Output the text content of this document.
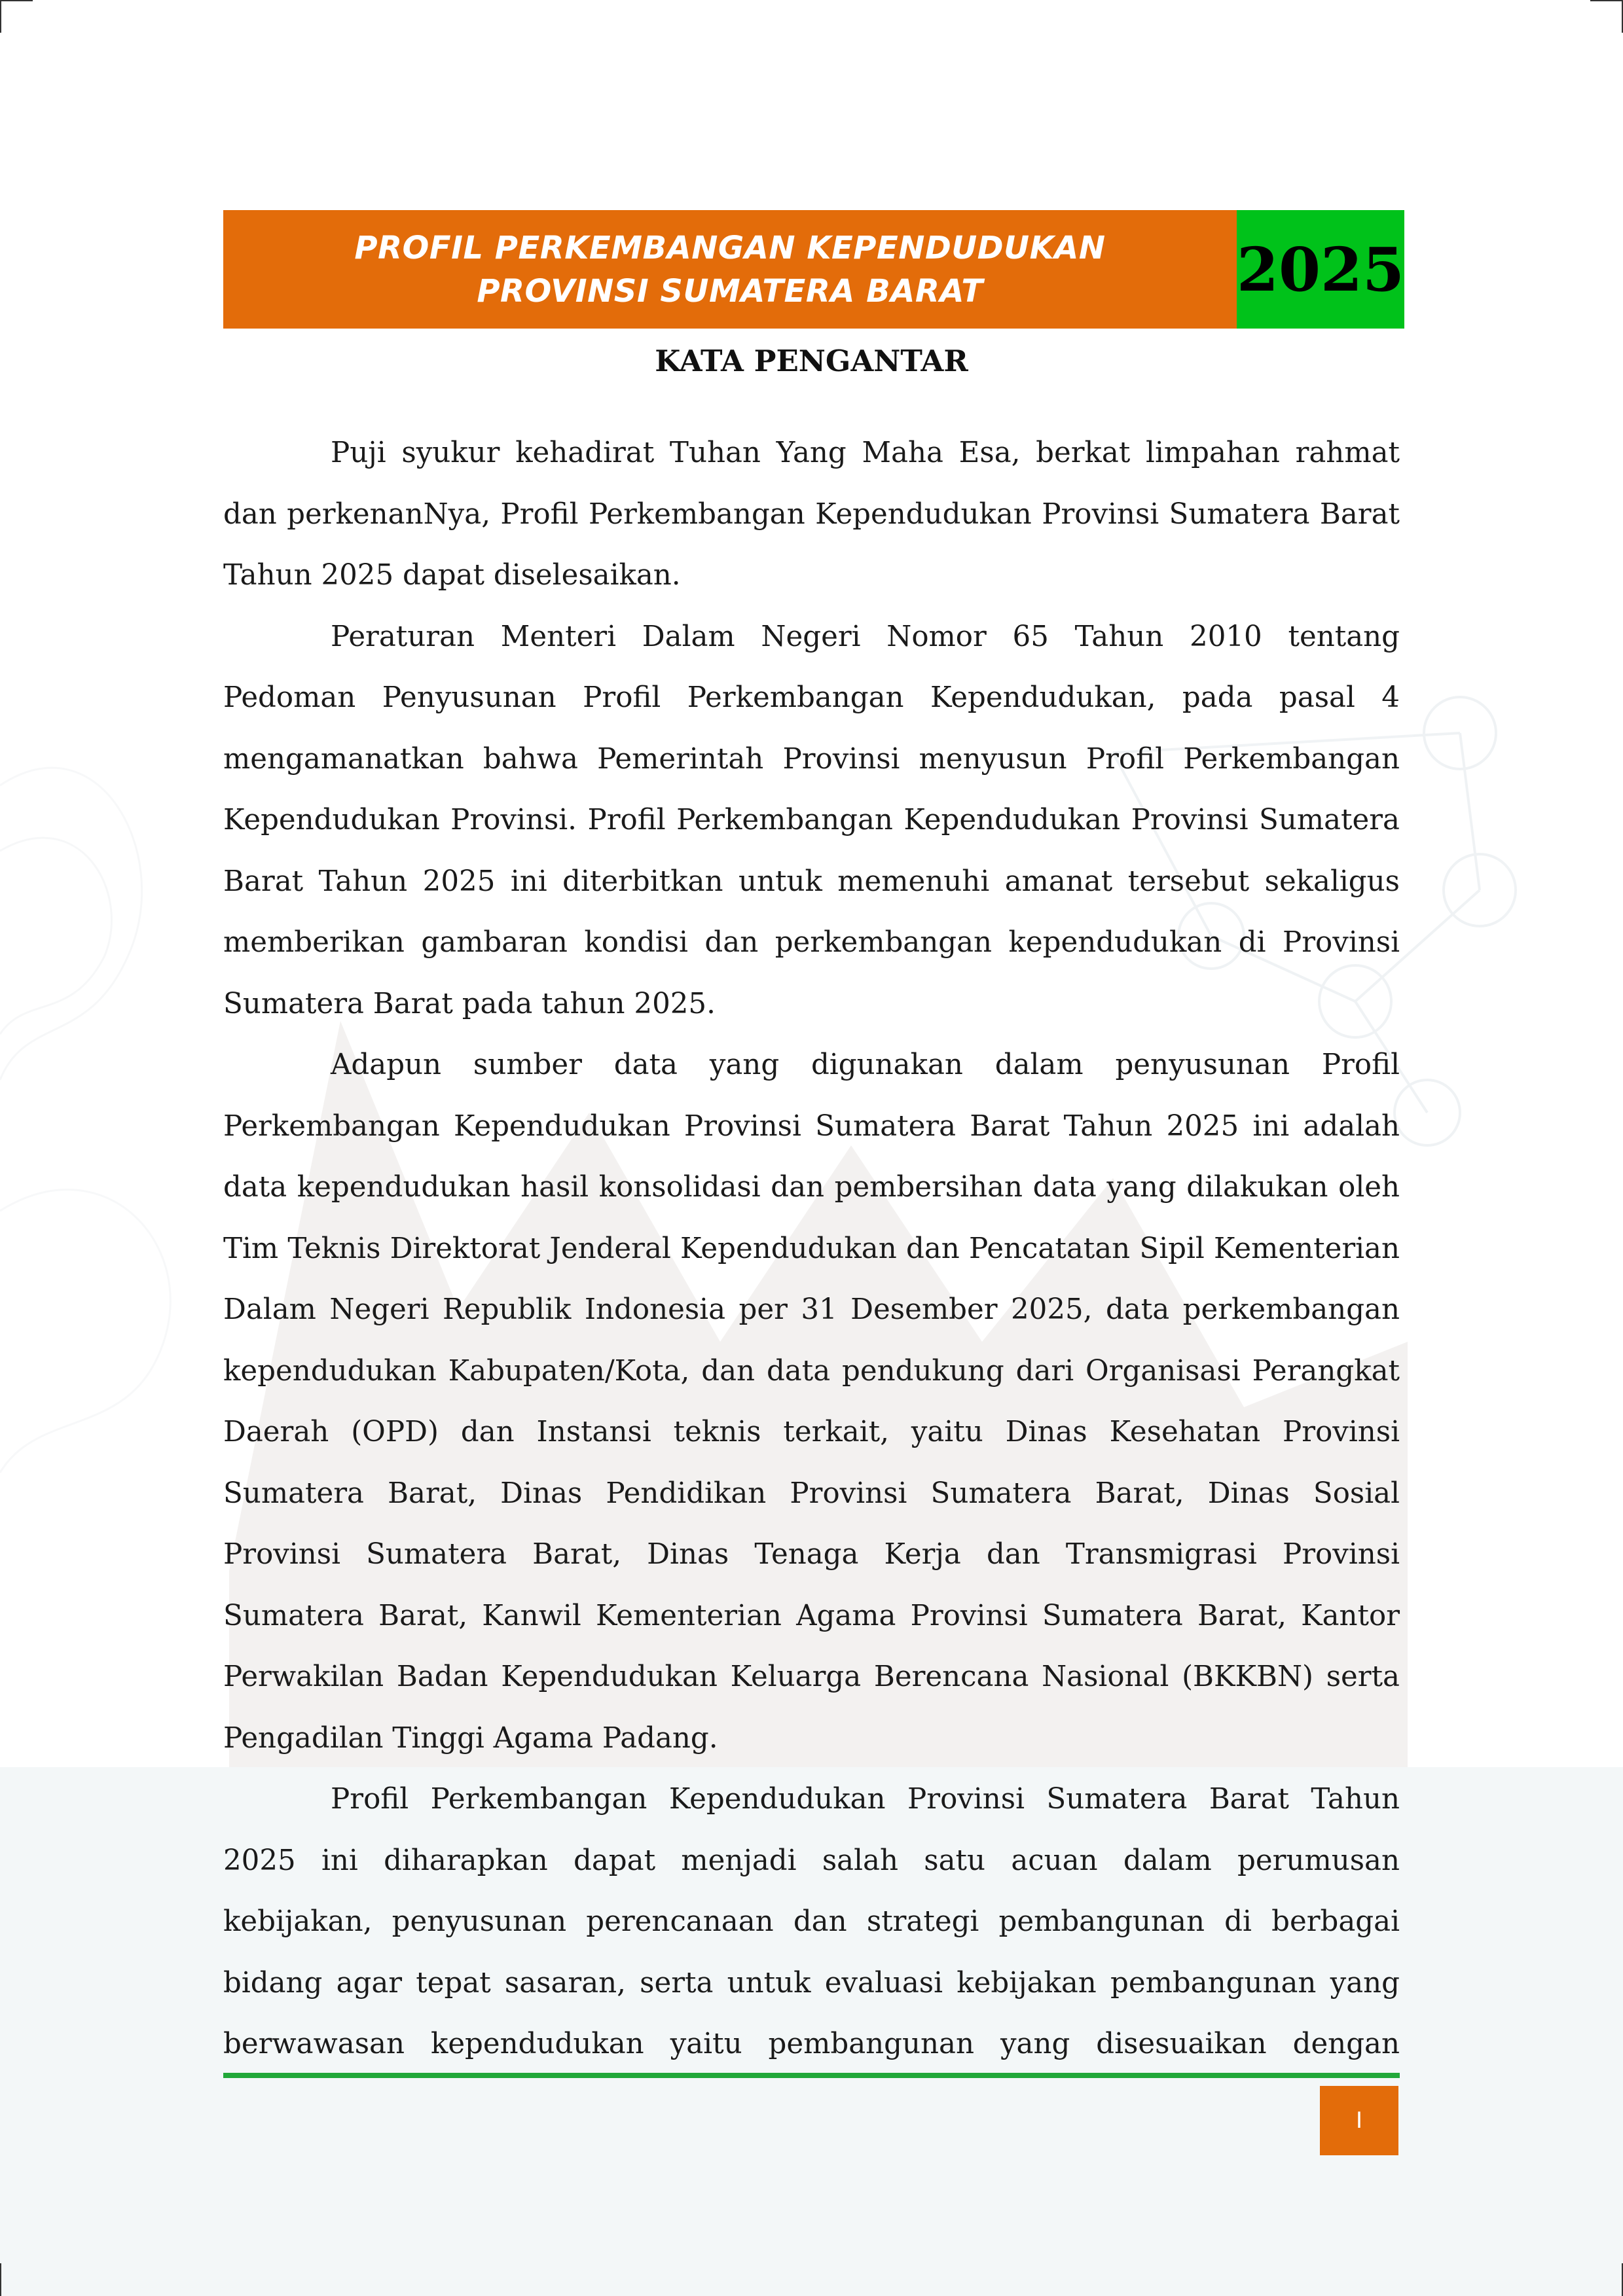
PROFIL PERKEMBANGAN KEPENDUDUKAN
PROVINSI SUMATERA BARAT	2025
KATA PENGANTAR

Puji syukur kehadirat Tuhan Yang Maha Esa, berkat limpahan rahmat dan perkenanNya, Profil Perkembangan Kependudukan Provinsi Sumatera Barat Tahun 2025 dapat diselesaikan.

Peraturan Menteri Dalam Negeri Nomor 65 Tahun 2010 tentang Pedoman Penyusunan Profil Perkembangan Kependudukan, pada pasal 4 mengamanatkan bahwa Pemerintah Provinsi menyusun Profil Perkembangan Kependudukan Provinsi. Profil Perkembangan Kependudukan Provinsi Sumatera Barat Tahun 2025 ini diterbitkan untuk memenuhi amanat tersebut sekaligus memberikan gambaran kondisi dan perkembangan kependudukan di Provinsi Sumatera Barat pada tahun 2025.

Adapun sumber data yang digunakan dalam penyusunan Profil Perkembangan Kependudukan Provinsi Sumatera Barat Tahun 2025 ini adalah data kependudukan hasil konsolidasi dan pembersihan data yang dilakukan oleh Tim Teknis Direktorat Jenderal Kependudukan dan Pencatatan Sipil Kementerian Dalam Negeri Republik Indonesia per 31 Desember 2025, data perkembangan kependudukan Kabupaten/Kota, dan data pendukung dari Organisasi Perangkat Daerah (OPD) dan Instansi teknis terkait, yaitu Dinas Kesehatan Provinsi Sumatera Barat, Dinas Pendidikan Provinsi Sumatera Barat, Dinas Sosial Provinsi Sumatera Barat, Dinas Tenaga Kerja dan Transmigrasi Provinsi Sumatera Barat, Kanwil Kementerian Agama Provinsi Sumatera Barat, Kantor Perwakilan Badan Kependudukan Keluarga Berencana Nasional (BKKBN) serta Pengadilan Tinggi Agama Padang.

Profil Perkembangan Kependudukan Provinsi Sumatera Barat Tahun 2025 ini diharapkan dapat menjadi salah satu acuan dalam perumusan kebijakan, penyusunan perencanaan dan strategi pembangunan di berbagai bidang agar tepat sasaran, serta untuk evaluasi kebijakan pembangunan yang berwawasan kependudukan yaitu pembangunan yang disesuaikan dengan

I
